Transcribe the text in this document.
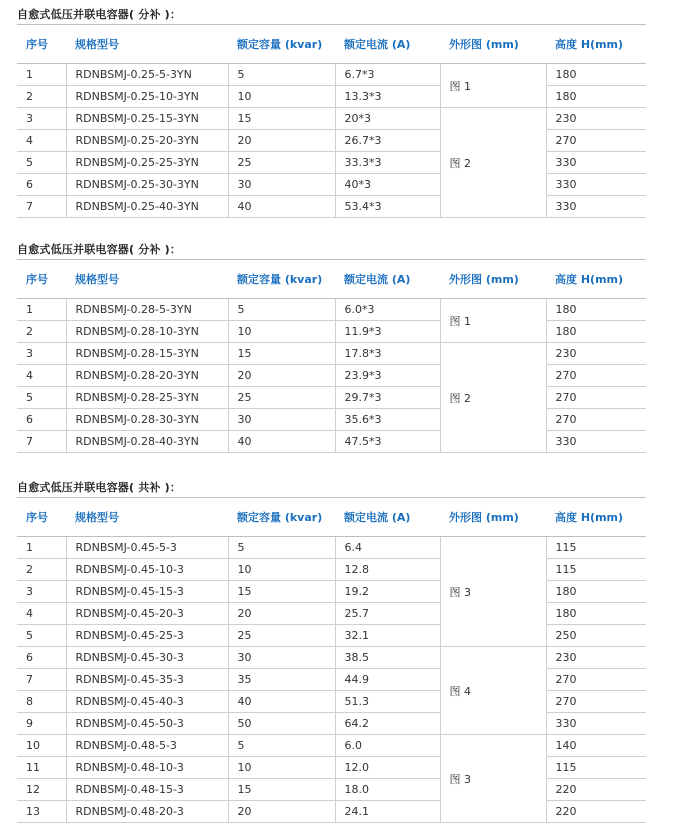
自愈式低压并联电容器( 分补 )：
序号	规格型号	额定容量 (kvar)	额定电流 (A)	外形图 (mm)	高度 H(mm)
1	RDNBSMJ-0.25-5-3YN	5	6.7*3	图 1	180
2	RDNBSMJ-0.25-10-3YN	10	13.3*3		180
3	RDNBSMJ-0.25-15-3YN	15	20*3	图 2	230
4	RDNBSMJ-0.25-20-3YN	20	26.7*3		270
5	RDNBSMJ-0.25-25-3YN	25	33.3*3		330
6	RDNBSMJ-0.25-30-3YN	30	40*3		330
7	RDNBSMJ-0.25-40-3YN	40	53.4*3		330
自愈式低压并联电容器( 分补 )：
序号	规格型号	额定容量 (kvar)	额定电流 (A)	外形图 (mm)	高度 H(mm)
1	RDNBSMJ-0.28-5-3YN	5	6.0*3	图 1	180
2	RDNBSMJ-0.28-10-3YN	10	11.9*3		180
3	RDNBSMJ-0.28-15-3YN	15	17.8*3	图 2	230
4	RDNBSMJ-0.28-20-3YN	20	23.9*3		270
5	RDNBSMJ-0.28-25-3YN	25	29.7*3		270
6	RDNBSMJ-0.28-30-3YN	30	35.6*3		270
7	RDNBSMJ-0.28-40-3YN	40	47.5*3		330
自愈式低压并联电容器( 共补 )：
序号	规格型号	额定容量 (kvar)	额定电流 (A)	外形图 (mm)	高度 H(mm)
1	RDNBSMJ-0.45-5-3	5	6.4	图 3	115
2	RDNBSMJ-0.45-10-3	10	12.8		115
3	RDNBSMJ-0.45-15-3	15	19.2		180
4	RDNBSMJ-0.45-20-3	20	25.7		180
5	RDNBSMJ-0.45-25-3	25	32.1		250
6	RDNBSMJ-0.45-30-3	30	38.5	图 4	230
7	RDNBSMJ-0.45-35-3	35	44.9		270
8	RDNBSMJ-0.45-40-3	40	51.3		270
9	RDNBSMJ-0.45-50-3	50	64.2		330
10	RDNBSMJ-0.48-5-3	5	6.0	图 3	140
11	RDNBSMJ-0.48-10-3	10	12.0		115
12	RDNBSMJ-0.48-15-3	15	18.0		220
13	RDNBSMJ-0.48-20-3	20	24.1		220
